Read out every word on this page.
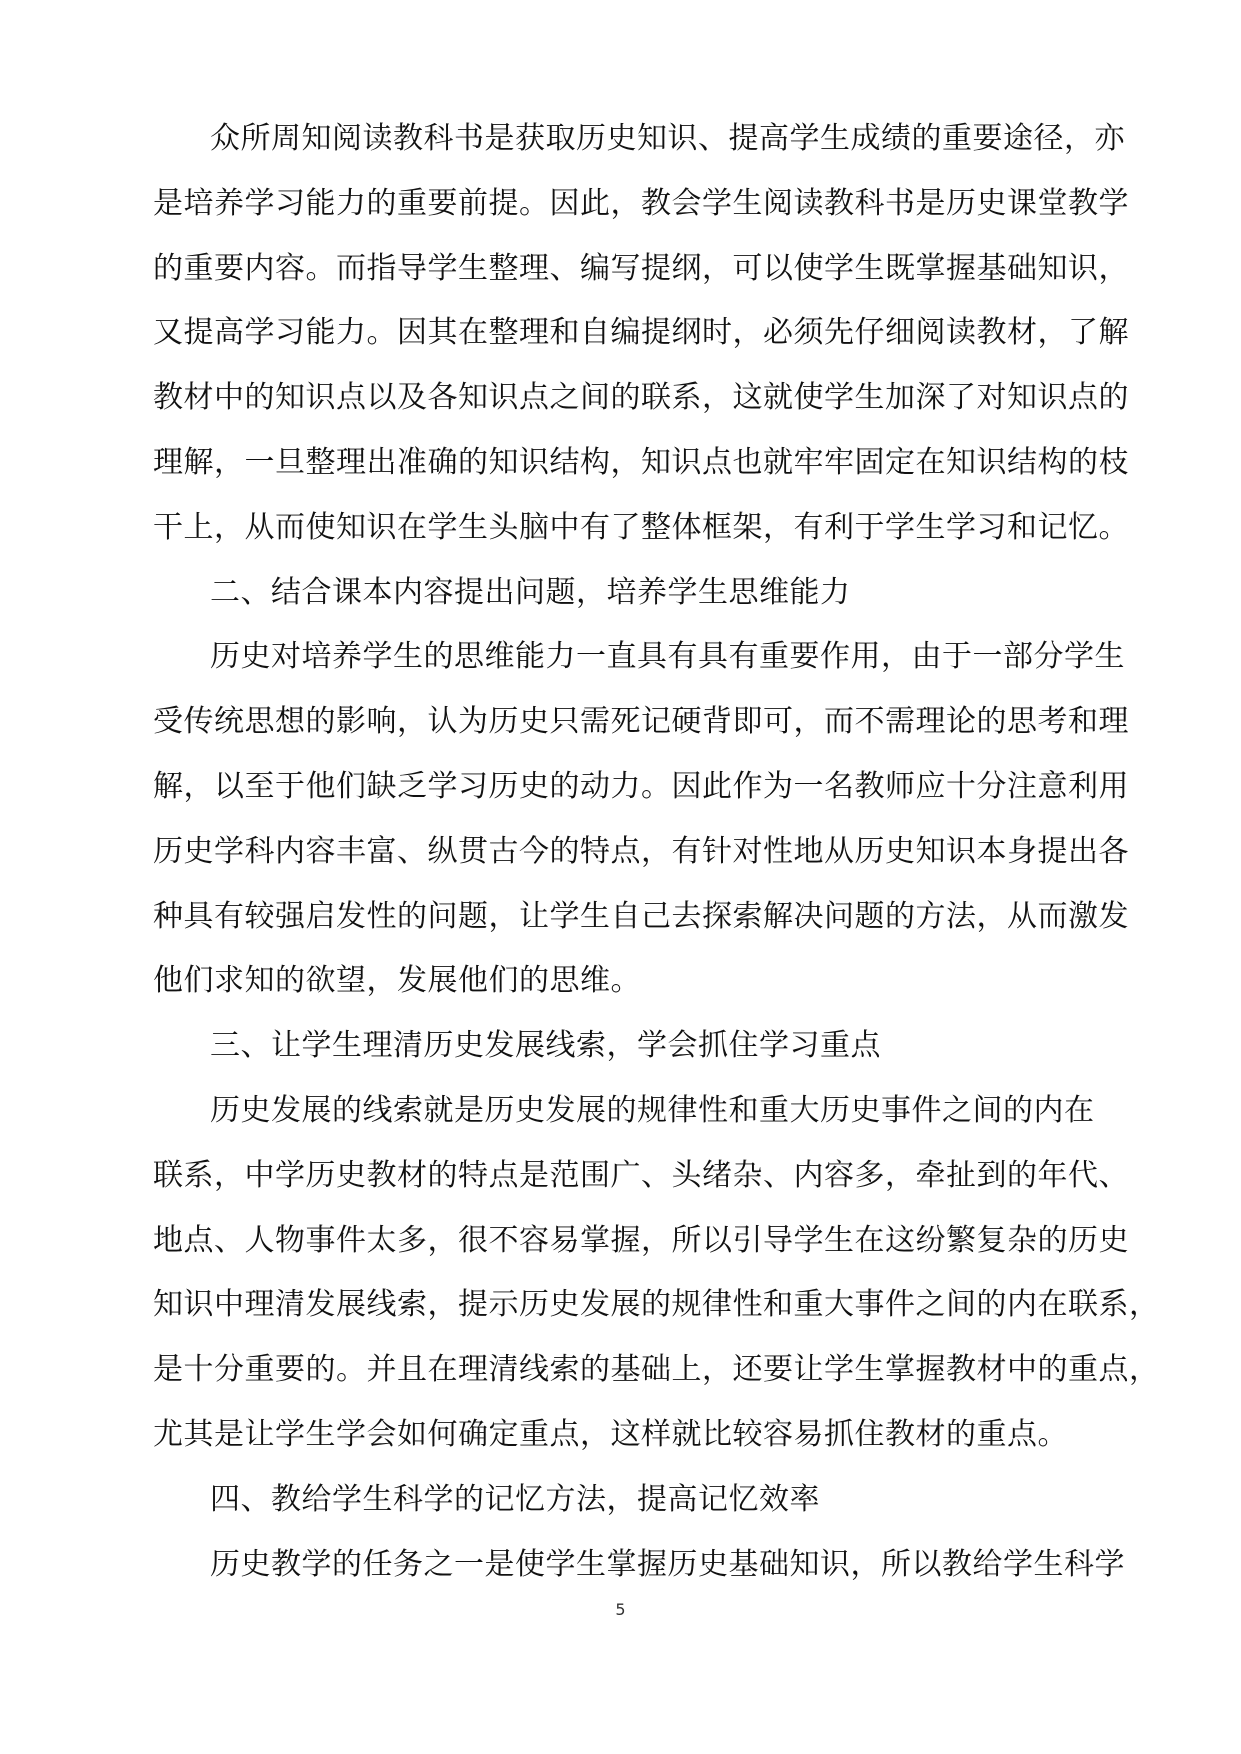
众所周知阅读教科书是获取历史知识、提高学生成绩的重要途径，亦
是培养学习能力的重要前提。因此，教会学生阅读教科书是历史课堂教学
的重要内容。而指导学生整理、编写提纲，可以使学生既掌握基础知识，
又提高学习能力。因其在整理和自编提纲时，必须先仔细阅读教材，了解
教材中的知识点以及各知识点之间的联系，这就使学生加深了对知识点的
理解，一旦整理出准确的知识结构，知识点也就牢牢固定在知识结构的枝
干上，从而使知识在学生头脑中有了整体框架，有利于学生学习和记忆。
二、结合课本内容提出问题，培养学生思维能力
历史对培养学生的思维能力一直具有具有重要作用，由于一部分学生
受传统思想的影响，认为历史只需死记硬背即可，而不需理论的思考和理
解，以至于他们缺乏学习历史的动力。因此作为一名教师应十分注意利用
历史学科内容丰富、纵贯古今的特点，有针对性地从历史知识本身提出各
种具有较强启发性的问题，让学生自己去探索解决问题的方法，从而激发
他们求知的欲望，发展他们的思维。
三、让学生理清历史发展线索，学会抓住学习重点
历史发展的线索就是历史发展的规律性和重大历史事件之间的内在
联系，中学历史教材的特点是范围广、头绪杂、内容多，牵扯到的年代、
地点、人物事件太多，很不容易掌握，所以引导学生在这纷繁复杂的历史
知识中理清发展线索，提示历史发展的规律性和重大事件之间的内在联系，
是十分重要的。并且在理清线索的基础上，还要让学生掌握教材中的重点，
尤其是让学生学会如何确定重点，这样就比较容易抓住教材的重点。
四、教给学生科学的记忆方法，提高记忆效率
历史教学的任务之一是使学生掌握历史基础知识，所以教给学生科学
5
